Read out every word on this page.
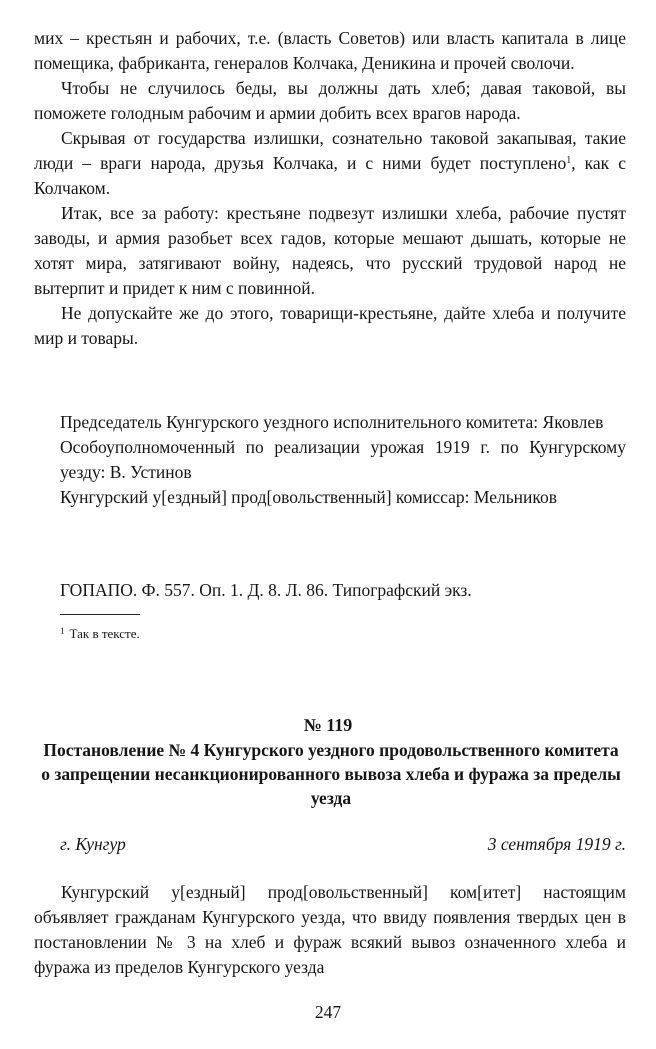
мих – крестьян и рабочих, т.е. (власть Советов) или власть капитала в лице помещика, фабриканта, генералов Колчака, Деникина и прочей сволочи.

Чтобы не случилось беды, вы должны дать хлеб; давая таковой, вы поможете голодным рабочим и армии добить всех врагов народа.

Скрывая от государства излишки, сознательно таковой закапывая, такие люди – враги народа, друзья Колчака, и с ними будет поступлено$^1$, как с Колчаком.

Итак, все за работу: крестьяне подвезут излишки хлеба, рабочие пустят заводы, и армия разобьет всех гадов, которые мешают дышать, которые не хотят мира, затягивают войну, надеясь, что русский трудовой народ не вытерпит и придет к ним с повинной.

Не допускайте же до этого, товарищи-крестьяне, дайте хлеба и получите мир и товары.

Председатель Кунгурского уездного исполнительного комитета: Яковлев

Особоуполномоченный по реализации урожая 1919 г. по Кунгурскому уезду: В. Устинов

Кунгурский у[ездный] прод[овольственный] комиссар: Мельников

ГОПАПО. Ф. 557. Оп. 1. Д. 8. Л. 86. Типографский экз.
$^1$ Так в тексте.
№ 119
Постановление № 4 Кунгурского уездного продовольственного комитета о запрещении несанкционированного вывоза хлеба и фуража за пределы уезда
г. Кунгур	3 сентября 1919 г.

Кунгурский у[ездный] прод[овольственный] ком[итет] настоящим объявляет гражданам Кунгурского уезда, что ввиду появления твердых цен в постановлении № 3 на хлеб и фураж всякий вывоз означенного хлеба и фуража из пределов Кунгурского уезда

247
